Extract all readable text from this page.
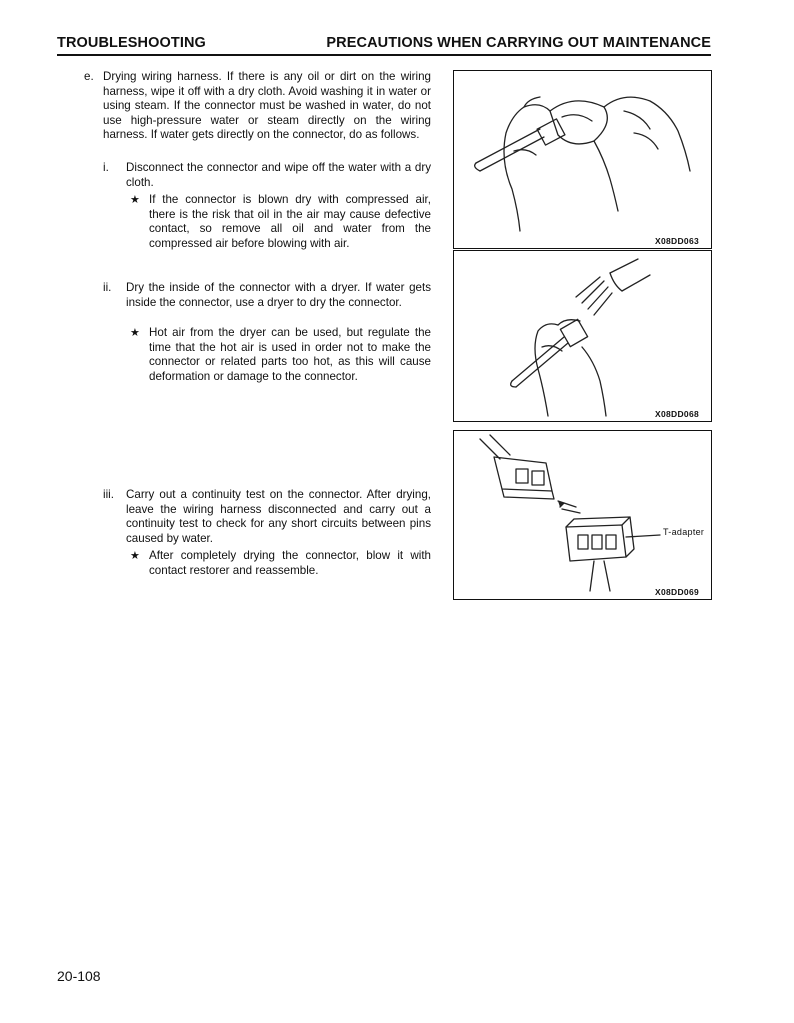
TROUBLESHOOTING	PRECAUTIONS WHEN CARRYING OUT MAINTENANCE
e. Drying wiring harness. If there is any oil or dirt on the wiring harness, wipe it off with a dry cloth. Avoid washing it in water or using steam. If the connector must be washed in water, do not use high-pressure water or steam directly on the wiring harness. If water gets directly on the connector, do as follows.
i. Disconnect the connector and wipe off the water with a dry cloth.
★ If the connector is blown dry with compressed air, there is the risk that oil in the air may cause defective contact, so remove all oil and water from the compressed air before blowing with air.
ii. Dry the inside of the connector with a dryer. If water gets inside the connector, use a dryer to dry the connector.
★ Hot air from the dryer can be used, but regulate the time that the hot air is used in order not to make the connector or related parts too hot, as this will cause deformation or damage to the connector.
iii. Carry out a continuity test on the connector. After drying, leave the wiring harness disconnected and carry out a continuity test to check for any short circuits between pins caused by water.
★ After completely drying the connector, blow it with contact restorer and reassemble.
X08DD063
X08DD068
T-adapter
X08DD069
20-108
